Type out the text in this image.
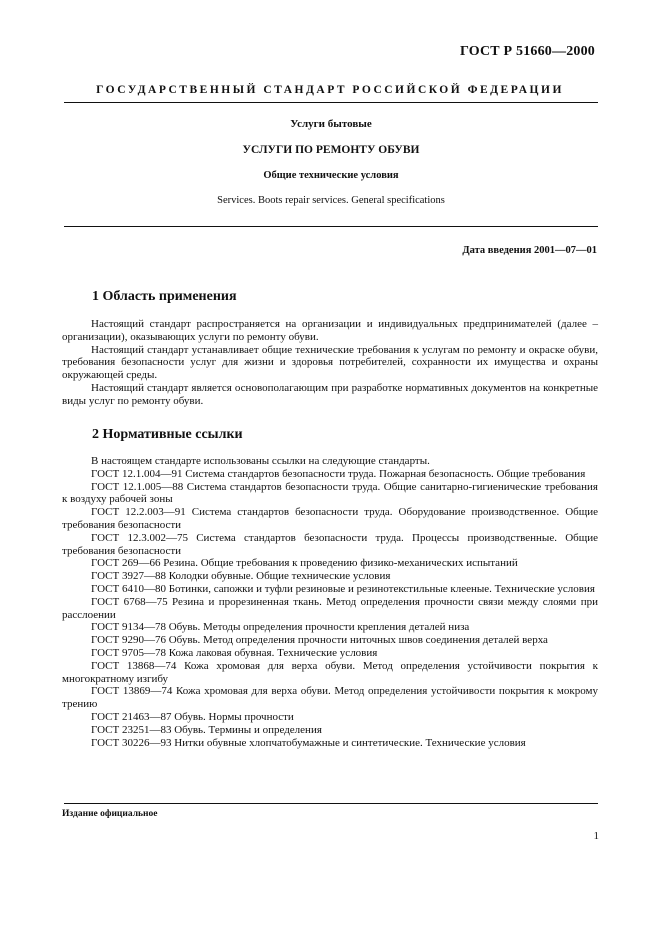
ГОСТ Р 51660—2000
ГОСУДАРСТВЕННЫЙ СТАНДАРТ РОССИЙСКОЙ ФЕДЕРАЦИИ
Услуги бытовые
УСЛУГИ ПО РЕМОНТУ ОБУВИ
Общие технические условия
Services. Boots repair services. General specifications
Дата введения 2001—07—01
1 Область применения

Настоящий стандарт распространяется на организации и индивидуальных предпринимателей (далее – организации), оказывающих услуги по ремонту обуви.

Настоящий стандарт устанавливает общие технические требования к услугам по ремонту и окраске обуви, требования безопасности услуг для жизни и здоровья потребителей, сохранности их имущества и охраны окружающей среды.

Настоящий стандарт является основополагающим при разработке нормативных документов на конкретные виды услуг по ремонту обуви.

2 Нормативные ссылки

В настоящем стандарте использованы ссылки на следующие стандарты.

ГОСТ 12.1.004—91 Система стандартов безопасности труда. Пожарная безопасность. Общие требования

ГОСТ 12.1.005—88 Система стандартов безопасности труда. Общие санитарно-гигиенические требования к воздуху рабочей зоны

ГОСТ 12.2.003—91 Система стандартов безопасности труда. Оборудование производственное. Общие требования безопасности

ГОСТ 12.3.002—75 Система стандартов безопасности труда. Процессы производственные. Общие требования безопасности

ГОСТ 269—66 Резина. Общие требования к проведению физико-механических испытаний

ГОСТ 3927—88 Колодки обувные. Общие технические условия

ГОСТ 6410—80 Ботинки, сапожки и туфли резиновые и резинотекстильные клееные. Технические условия

ГОСТ 6768—75 Резина и прорезиненная ткань. Метод определения прочности связи между слоями при расслоении

ГОСТ 9134—78 Обувь. Методы определения прочности крепления деталей низа

ГОСТ 9290—76 Обувь. Метод определения прочности ниточных швов соединения деталей верха

ГОСТ 9705—78 Кожа лаковая обувная. Технические условия

ГОСТ 13868—74 Кожа хромовая для верха обуви. Метод определения устойчивости покрытия к многократному изгибу

ГОСТ 13869—74 Кожа хромовая для верха обуви. Метод определения устойчивости покрытия к мокрому трению

ГОСТ 21463—87 Обувь. Нормы прочности

ГОСТ 23251—83 Обувь. Термины и определения

ГОСТ 30226—93 Нитки обувные хлопчатобумажные и синтетические. Технические условия

Издание официальное
1
